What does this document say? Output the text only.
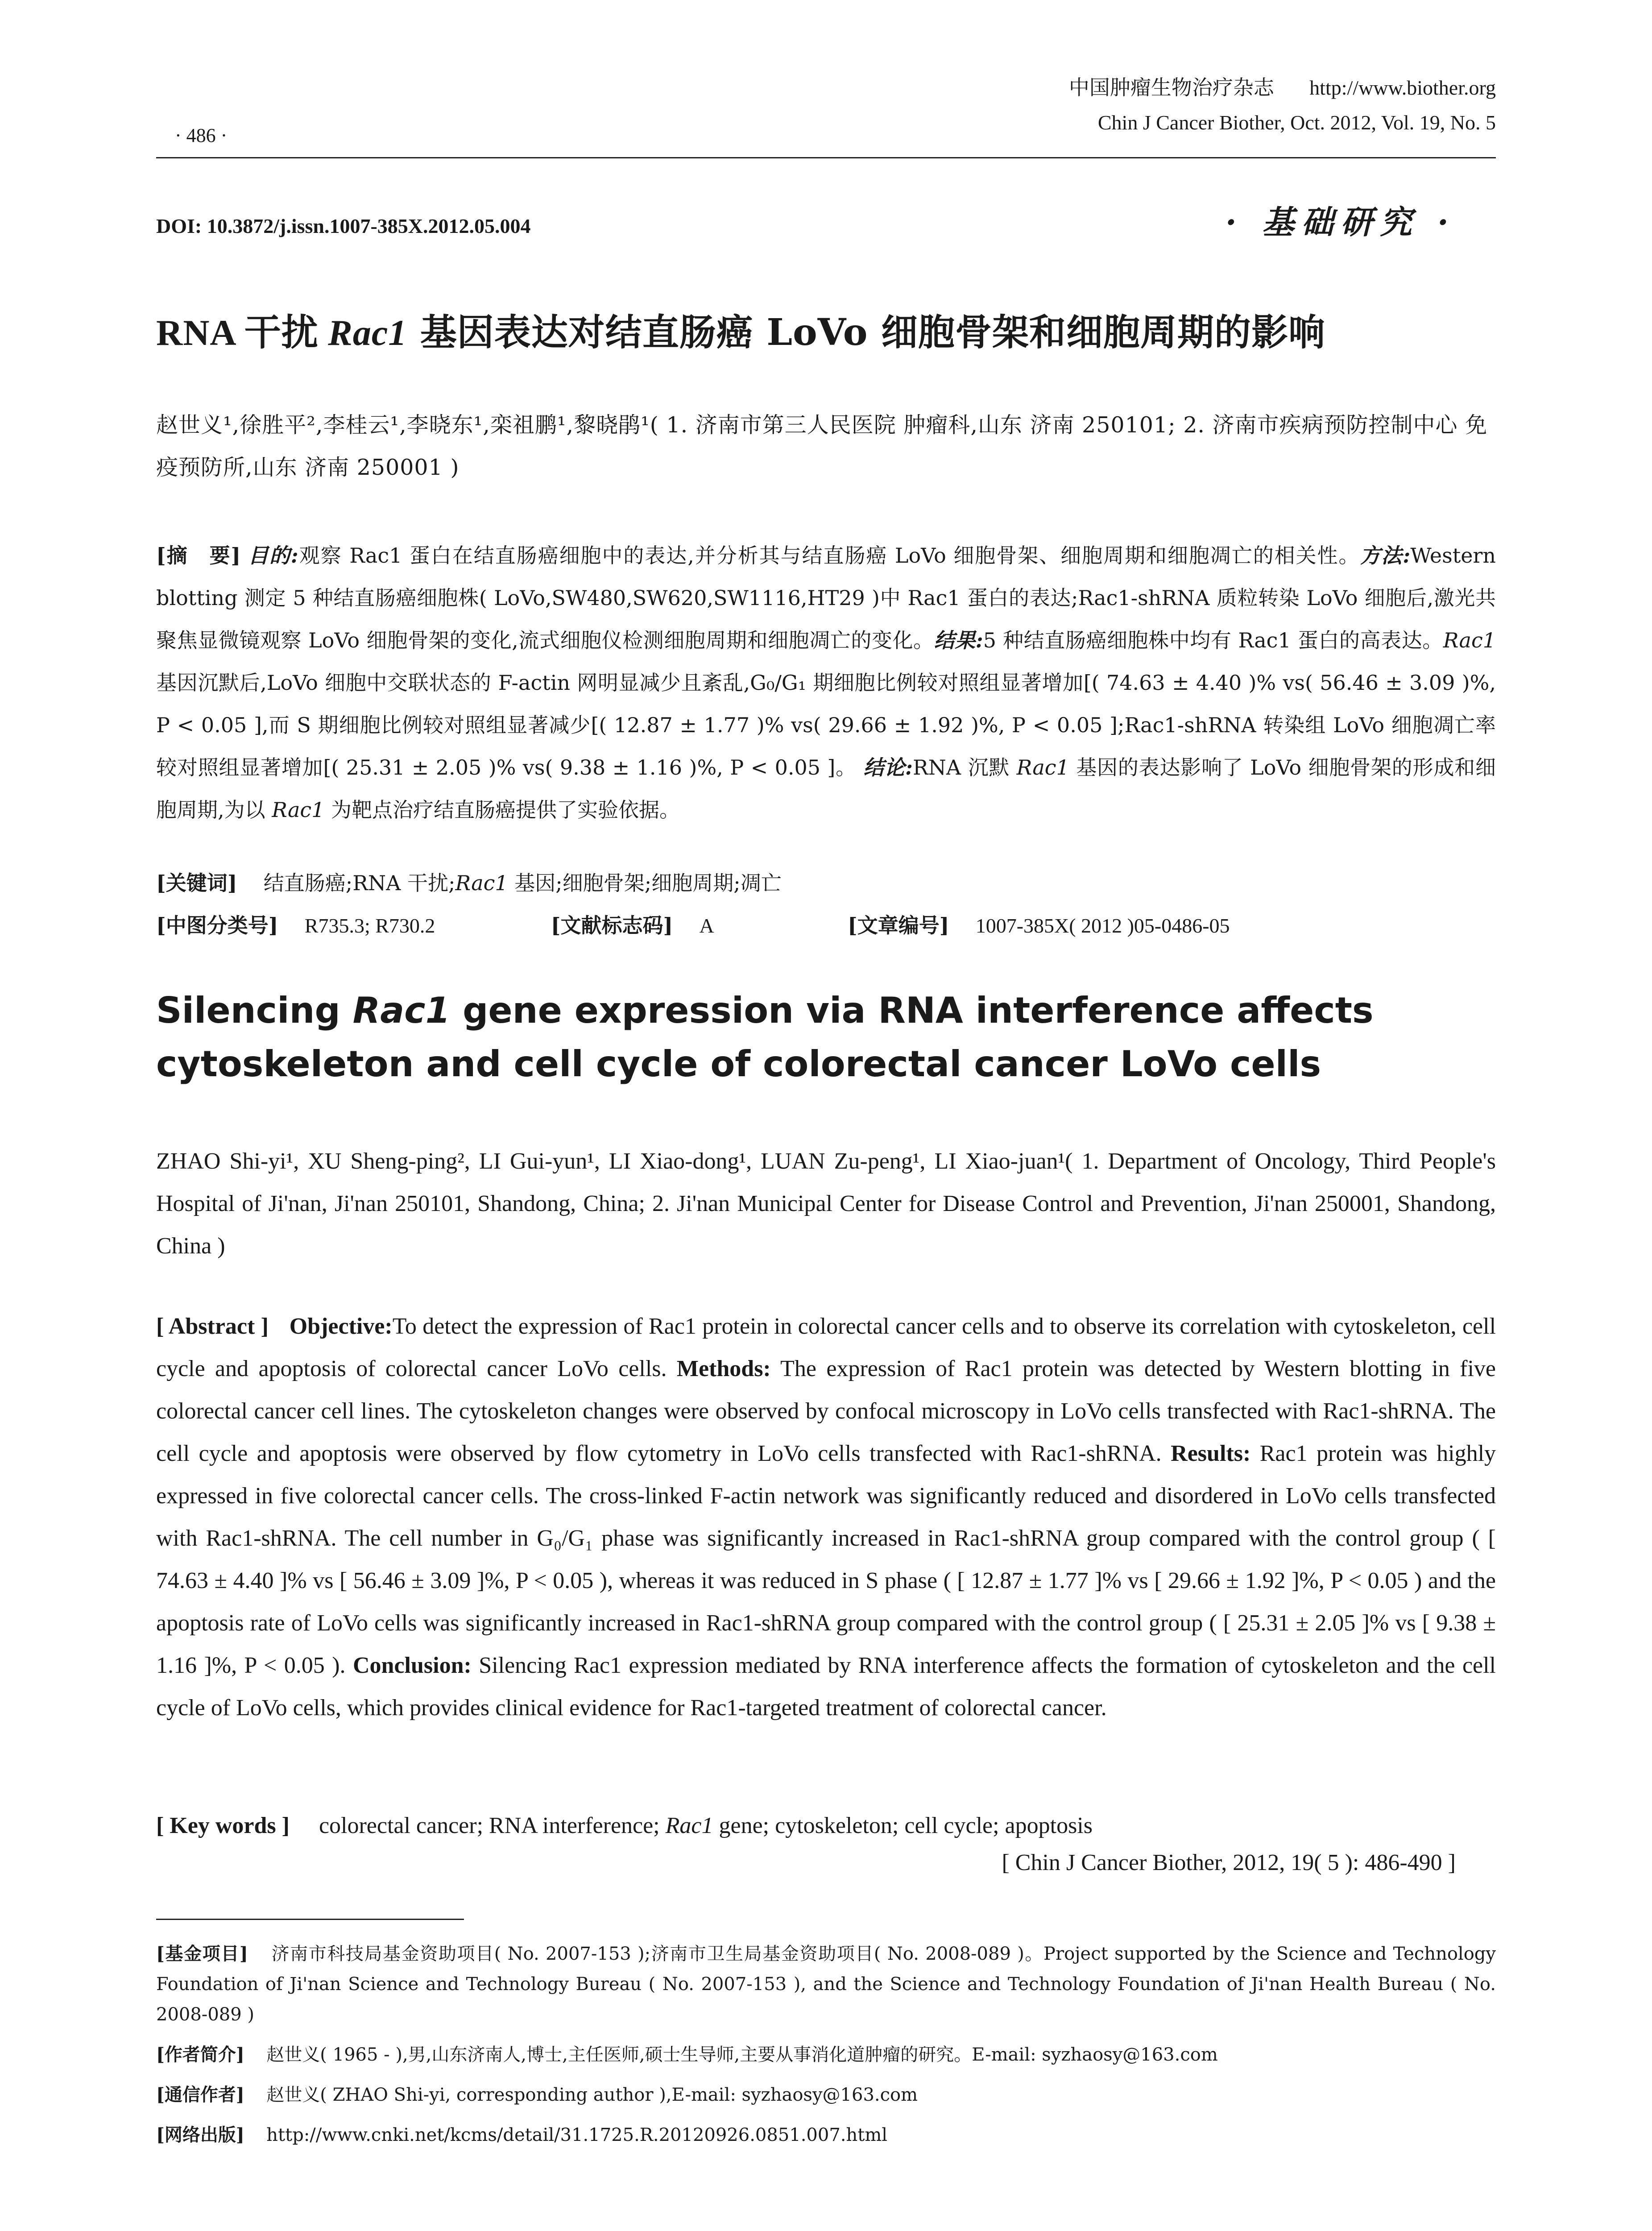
· 486 ·
中国肿瘤生物治疗杂志 http://www.biother.org
Chin J Cancer Biother, Oct. 2012, Vol. 19, No. 5
DOI: 10.3872/j.issn.1007-385X.2012.05.004	· 基础研究 ·
RNA 干扰 Rac1 基因表达对结直肠癌 LoVo 细胞骨架和细胞周期的影响
赵世义¹,徐胜平²,李桂云¹,李晓东¹,栾祖鹏¹,黎晓鹃¹( 1. 济南市第三人民医院 肿瘤科,山东 济南 250101; 2. 济南市疾病预防控制中心 免疫预防所,山东 济南 250001 )
[摘　要] 目的:观察 Rac1 蛋白在结直肠癌细胞中的表达,并分析其与结直肠癌 LoVo 细胞骨架、细胞周期和细胞凋亡的相关性。方法:Western blotting 测定 5 种结直肠癌细胞株( LoVo,SW480,SW620,SW1116,HT29 )中 Rac1 蛋白的表达;Rac1-shRNA 质粒转染 LoVo 细胞后,激光共聚焦显微镜观察 LoVo 细胞骨架的变化,流式细胞仪检测细胞周期和细胞凋亡的变化。结果:5 种结直肠癌细胞株中均有 Rac1 蛋白的高表达。Rac1 基因沉默后,LoVo 细胞中交联状态的 F-actin 网明显减少且紊乱,G₀/G₁ 期细胞比例较对照组显著增加[( 74.63 ± 4.40 )% vs( 56.46 ± 3.09 )%, P < 0.05 ],而 S 期细胞比例较对照组显著减少[( 12.87 ± 1.77 )% vs( 29.66 ± 1.92 )%, P < 0.05 ];Rac1-shRNA 转染组 LoVo 细胞凋亡率较对照组显著增加[( 25.31 ± 2.05 )% vs( 9.38 ± 1.16 )%, P < 0.05 ]。 结论:RNA 沉默 Rac1 基因的表达影响了 LoVo 细胞骨架的形成和细胞周期,为以 Rac1 为靶点治疗结直肠癌提供了实验依据。
[关键词] 结直肠癌;RNA 干扰;Rac1 基因;细胞骨架;细胞周期;凋亡
[中图分类号] R735.3; R730.2	[文献标志码] A	[文章编号] 1007-385X( 2012 )05-0486-05
Silencing Rac1 gene expression via RNA interference affects cytoskeleton and cell cycle of colorectal cancer LoVo cells
ZHAO Shi-yi¹, XU Sheng-ping², LI Gui-yun¹, LI Xiao-dong¹, LUAN Zu-peng¹, LI Xiao-juan¹( 1. Department of Oncology, Third People's Hospital of Ji'nan, Ji'nan 250101, Shandong, China; 2. Ji'nan Municipal Center for Disease Control and Prevention, Ji'nan 250001, Shandong, China )
[ Abstract ] Objective:To detect the expression of Rac1 protein in colorectal cancer cells and to observe its correlation with cytoskeleton, cell cycle and apoptosis of colorectal cancer LoVo cells. Methods: The expression of Rac1 protein was detected by Western blotting in five colorectal cancer cell lines. The cytoskeleton changes were observed by confocal microscopy in LoVo cells transfected with Rac1-shRNA. The cell cycle and apoptosis were observed by flow cytometry in LoVo cells transfected with Rac1-shRNA. Results: Rac1 protein was highly expressed in five colorectal cancer cells. The cross-linked F-actin network was significantly reduced and disordered in LoVo cells transfected with Rac1-shRNA. The cell number in G₀/G₁ phase was significantly increased in Rac1-shRNA group compared with the control group ( [ 74.63 ± 4.40 ]% vs [ 56.46 ± 3.09 ]%, P < 0.05 ), whereas it was reduced in S phase ( [ 12.87 ± 1.77 ]% vs [ 29.66 ± 1.92 ]%, P < 0.05 ) and the apoptosis rate of LoVo cells was significantly increased in Rac1-shRNA group compared with the control group ( [ 25.31 ± 2.05 ]% vs [ 9.38 ± 1.16 ]%, P < 0.05 ). Conclusion: Silencing Rac1 expression mediated by RNA interference affects the formation of cytoskeleton and the cell cycle of LoVo cells, which provides clinical evidence for Rac1-targeted treatment of colorectal cancer.
[ Key words ] colorectal cancer; RNA interference; Rac1 gene; cytoskeleton; cell cycle; apoptosis
[ Chin J Cancer Biother, 2012, 19( 5 ): 486-490 ]

[基金项目] 济南市科技局基金资助项目( No. 2007-153 );济南市卫生局基金资助项目( No. 2008-089 )。Project supported by the Science and Technology Foundation of Ji'nan Science and Technology Bureau ( No. 2007-153 ), and the Science and Technology Foundation of Ji'nan Health Bureau ( No. 2008-089 )

[作者简介] 赵世义( 1965 - ),男,山东济南人,博士,主任医师,硕士生导师,主要从事消化道肿瘤的研究。E-mail: syzhaosy@163.com

[通信作者] 赵世义( ZHAO Shi-yi, corresponding author ),E-mail: syzhaosy@163.com

[网络出版] http://www.cnki.net/kcms/detail/31.1725.R.20120926.0851.007.html
